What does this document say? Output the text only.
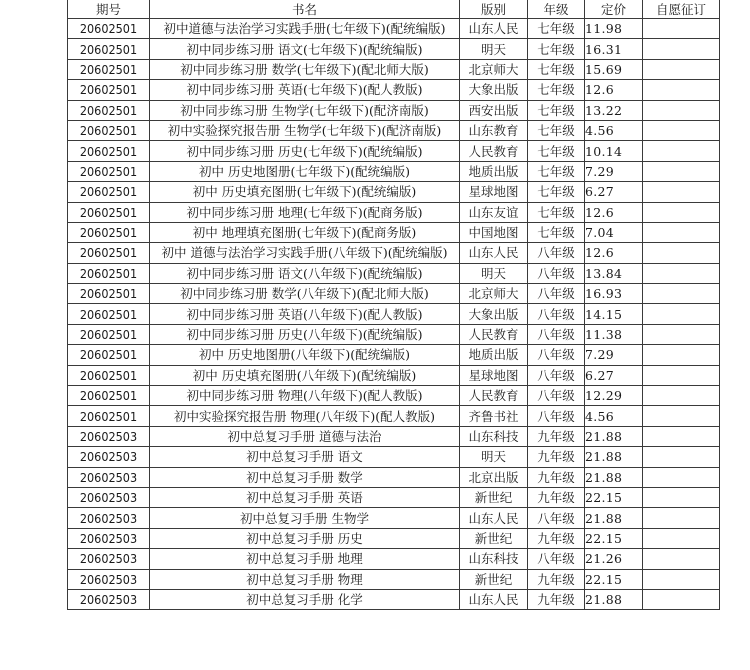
期号	书名	版别	年级	定价	自愿征订
20602501	初中道德与法治学习实践手册(七年级下)(配统编版)	山东人民	七年级	11.98	
20602501	初中同步练习册 语文(七年级下)(配统编版)	明天	七年级	16.31	
20602501	初中同步练习册 数学(七年级下)(配北师大版)	北京师大	七年级	15.69	
20602501	初中同步练习册 英语(七年级下)(配人教版)	大象出版	七年级	12.6	
20602501	初中同步练习册 生物学(七年级下)(配济南版)	西安出版	七年级	13.22	
20602501	初中实验探究报告册 生物学(七年级下)(配济南版)	山东教育	七年级	4.56	
20602501	初中同步练习册 历史(七年级下)(配统编版)	人民教育	七年级	10.14	
20602501	初中 历史地图册(七年级下)(配统编版)	地质出版	七年级	7.29	
20602501	初中 历史填充图册(七年级下)(配统编版)	星球地图	七年级	6.27	
20602501	初中同步练习册 地理(七年级下)(配商务版)	山东友谊	七年级	12.6	
20602501	初中 地理填充图册(七年级下)(配商务版)	中国地图	七年级	7.04	
20602501	初中 道德与法治学习实践手册(八年级下)(配统编版)	山东人民	八年级	12.6	
20602501	初中同步练习册 语文(八年级下)(配统编版)	明天	八年级	13.84	
20602501	初中同步练习册 数学(八年级下)(配北师大版)	北京师大	八年级	16.93	
20602501	初中同步练习册 英语(八年级下)(配人教版)	大象出版	八年级	14.15	
20602501	初中同步练习册 历史(八年级下)(配统编版)	人民教育	八年级	11.38	
20602501	初中 历史地图册(八年级下)(配统编版)	地质出版	八年级	7.29	
20602501	初中 历史填充图册(八年级下)(配统编版)	星球地图	八年级	6.27	
20602501	初中同步练习册 物理(八年级下)(配人教版)	人民教育	八年级	12.29	
20602501	初中实验探究报告册 物理(八年级下)(配人教版)	齐鲁书社	八年级	4.56	
20602503	初中总复习手册 道德与法治	山东科技	九年级	21.88	
20602503	初中总复习手册 语文	明天	九年级	21.88	
20602503	初中总复习手册 数学	北京出版	九年级	21.88	
20602503	初中总复习手册 英语	新世纪	九年级	22.15	
20602503	初中总复习手册 生物学	山东人民	八年级	21.88	
20602503	初中总复习手册 历史	新世纪	九年级	22.15	
20602503	初中总复习手册 地理	山东科技	八年级	21.26	
20602503	初中总复习手册 物理	新世纪	九年级	22.15	
20602503	初中总复习手册 化学	山东人民	九年级	21.88	
